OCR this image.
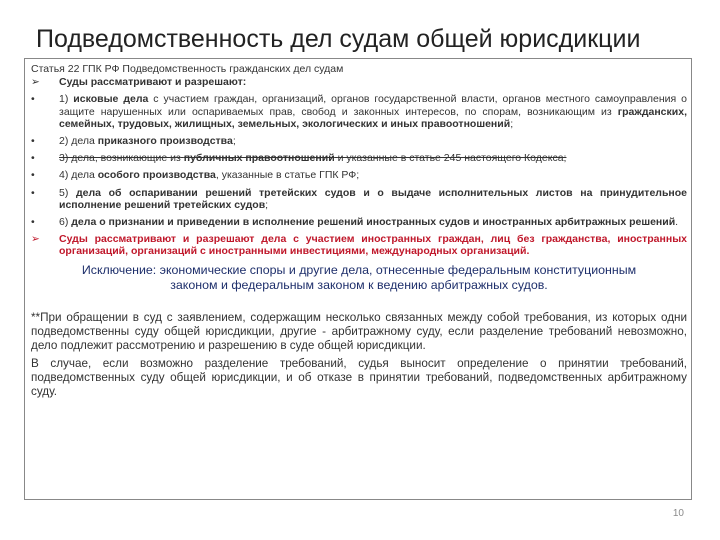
Подведомственность дел судам общей юрисдикции
Статья 22 ГПК РФ Подведомственность гражданских дел судам
➢	Суды рассматривают и разрешают:
•	1) исковые дела с участием граждан, организаций, органов государственной власти, органов местного самоуправления о защите нарушенных или оспариваемых прав, свобод и законных интересов, по спорам, возникающим из гражданских, семейных, трудовых, жилищных, земельных, экологических и иных правоотношений;
•	2) дела приказного производства;
•	3) дела, возникающие из публичных правоотношений и указанные в статье 245 настоящего Кодекса;
•	4) дела особого производства, указанные в статье ГПК РФ;
•	5) дела об оспаривании решений третейских судов и о выдаче исполнительных листов на принудительное исполнение решений третейских судов;
•	6) дела о признании и приведении в исполнение решений иностранных судов и иностранных арбитражных решений.
➢	Суды рассматривают и разрешают дела с участием иностранных граждан, лиц без гражданства, иностранных организаций, организаций с иностранными инвестициями, международных организаций.
Исключение: экономические споры и другие дела, отнесенные федеральным конституционным законом и федеральным законом к ведению арбитражных судов.
**При обращении в суд с заявлением, содержащим несколько связанных между собой требования, из которых одни подведомственны суду общей юрисдикции, другие - арбитражному суду, если разделение требований невозможно, дело подлежит рассмотрению и разрешению в суде общей юрисдикции.
В случае, если возможно разделение требований, судья выносит определение о принятии требований, подведомственных суду общей юрисдикции, и об отказе в принятии требований, подведомственных арбитражному суду.
10
